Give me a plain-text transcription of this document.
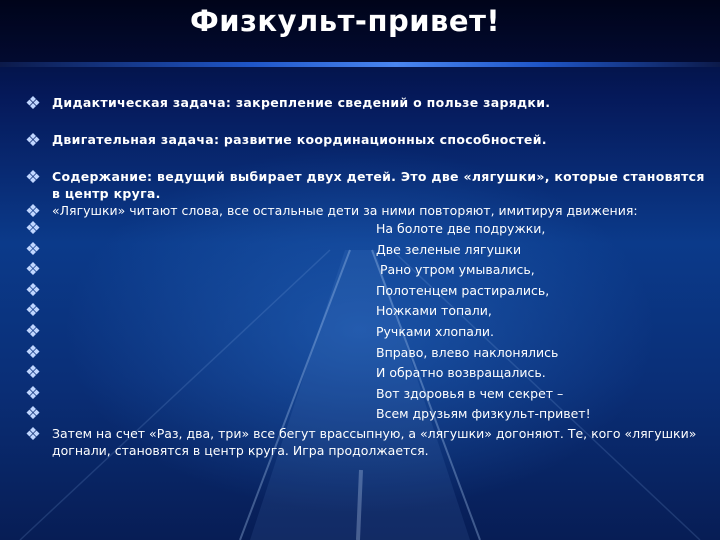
Физкульт-привет!
Дидактическая задача: закрепление сведений о пользе зарядки.
Двигательная задача: развитие координационных способностей.
Содержание: ведущий выбирает двух детей. Это две «лягушки», которые становятся в центр круга.
«Лягушки» читают слова, все остальные дети за ними повторяют, имитируя движения:
На болоте две подружки,
Две зеленые лягушки
Рано утром умывались,
Полотенцем растирались,
Ножками топали,
Ручками хлопали.
Вправо, влево наклонялись
И обратно возвращались.
Вот здоровья в чем секрет –
Всем друзьям физкульт-привет!
Затем на счет «Раз, два, три» все бегут врассыпную, а «лягушки» догоняют. Те, кого «лягушки» догнали, становятся в центр круга. Игра продолжается.
